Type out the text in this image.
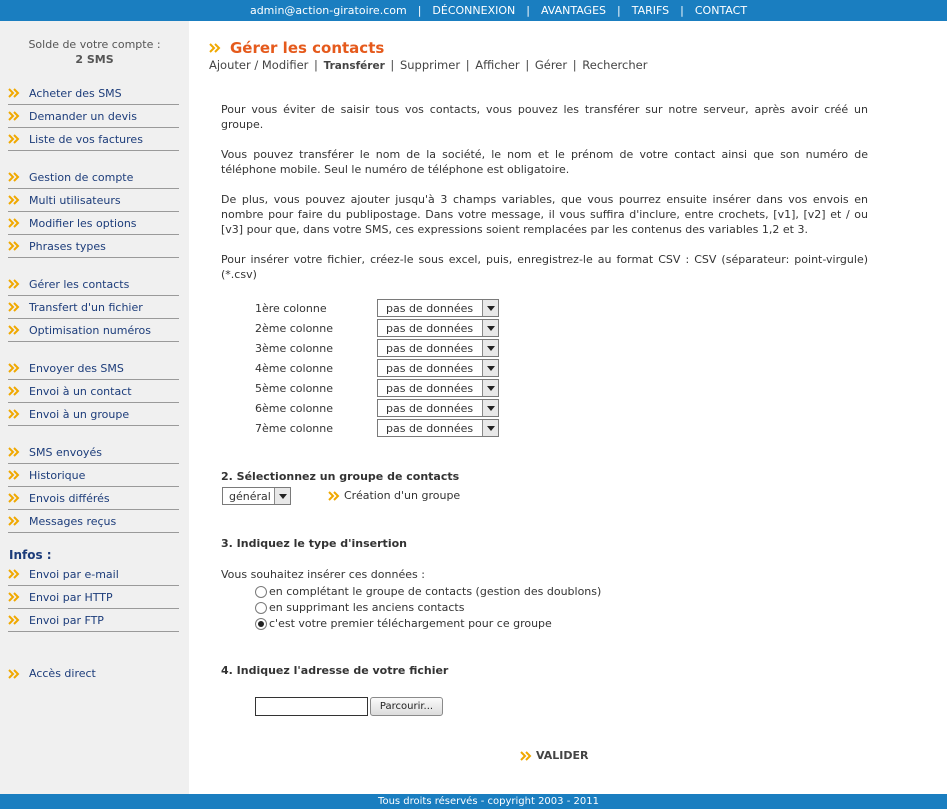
admin@action-giratoire.com | DÉCONNEXION | AVANTAGES | TARIFS | CONTACT
Solde de votre compte :
2 SMS
Acheter des SMS
Demander un devis
Liste de vos factures
Gestion de compte
Multi utilisateurs
Modifier les options
Phrases types
Gérer les contacts
Transfert d'un fichier
Optimisation numéros
Envoyer des SMS
Envoi à un contact
Envoi à un groupe
SMS envoyés
Historique
Envois différés
Messages reçus
Envoi par e-mail
Envoi par HTTP
Envoi par FTP
Accès direct
Infos :
Gérer les contacts
Ajouter / Modifier | Transférer | Supprimer | Afficher | Gérer | Rechercher
Pour vous éviter de saisir tous vos contacts, vous pouvez les transférer sur notre serveur, après avoir créé un groupe.
Vous pouvez transférer le nom de la société, le nom et le prénom de votre contact ainsi que son numéro de téléphone mobile. Seul le numéro de téléphone est obligatoire.
De plus, vous pouvez ajouter jusqu'à 3 champs variables, que vous pourrez ensuite insérer dans vos envois en nombre pour faire du publipostage. Dans votre message, il vous suffira d'inclure, entre crochets, [v1], [v2] et / ou [v3] pour que, dans votre SMS, ces expressions soient remplacées par les contenus des variables 1,2 et 3.
Pour insérer votre fichier, créez-le sous excel, puis, enregistrez-le au format CSV : CSV (séparateur: point-virgule) (*.csv)
1ère colonne	pas de données
2ème colonne	pas de données
3ème colonne	pas de données
4ème colonne	pas de données
5ème colonne	pas de données
6ème colonne	pas de données
7ème colonne	pas de données
2. Sélectionnez un groupe de contacts
général	Création d'un groupe
3. Indiquez le type d'insertion
Vous souhaitez insérer ces données :
en complétant le groupe de contacts (gestion des doublons)
en supprimant les anciens contacts
c'est votre premier téléchargement pour ce groupe
4. Indiquez l'adresse de votre fichier
Parcourir...
VALIDER
Tous droits réservés - copyright 2003 - 2011
